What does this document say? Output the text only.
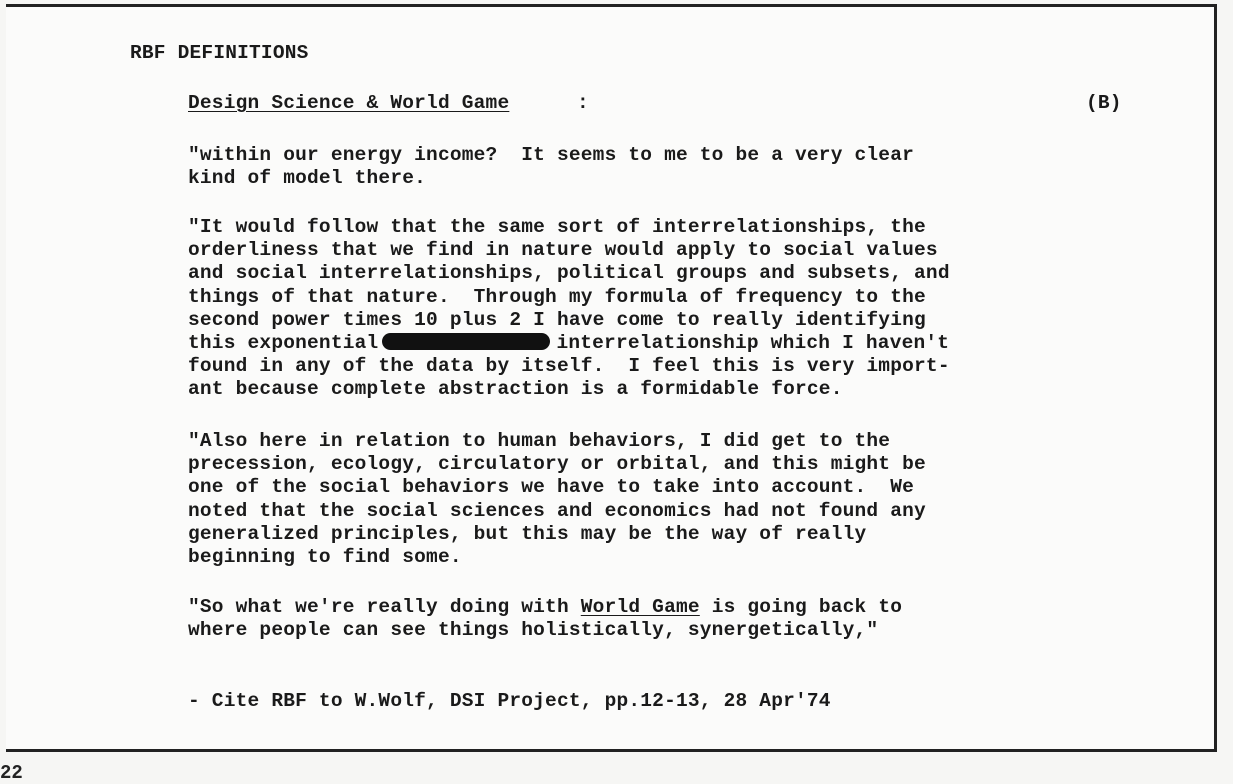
RBF DEFINITIONS
Design Science & World Game	:	(B)
"within our energy income?  It seems to me to be a very clear
kind of model there.
"It would follow that the same sort of interrelationships, the
orderliness that we find in nature would apply to social values
and social interrelationships, political groups and subsets, and
things of that nature.  Through my formula of frequency to the
second power times 10 plus 2 I have come to really identifying
this exponential	interrelationship which I haven't
found in any of the data by itself.  I feel this is very import-
ant because complete abstraction is a formidable force.
"Also here in relation to human behaviors, I did get to the
precession, ecology, circulatory or orbital, and this might be
one of the social behaviors we have to take into account.  We
noted that the social sciences and economics had not found any
generalized principles, but this may be the way of really
beginning to find some.
"So what we're really doing with World Game is going back to
where people can see things holistically, synergetically,"
- Cite RBF to W.Wolf, DSI Project, pp.12-13, 28 Apr'74
22
